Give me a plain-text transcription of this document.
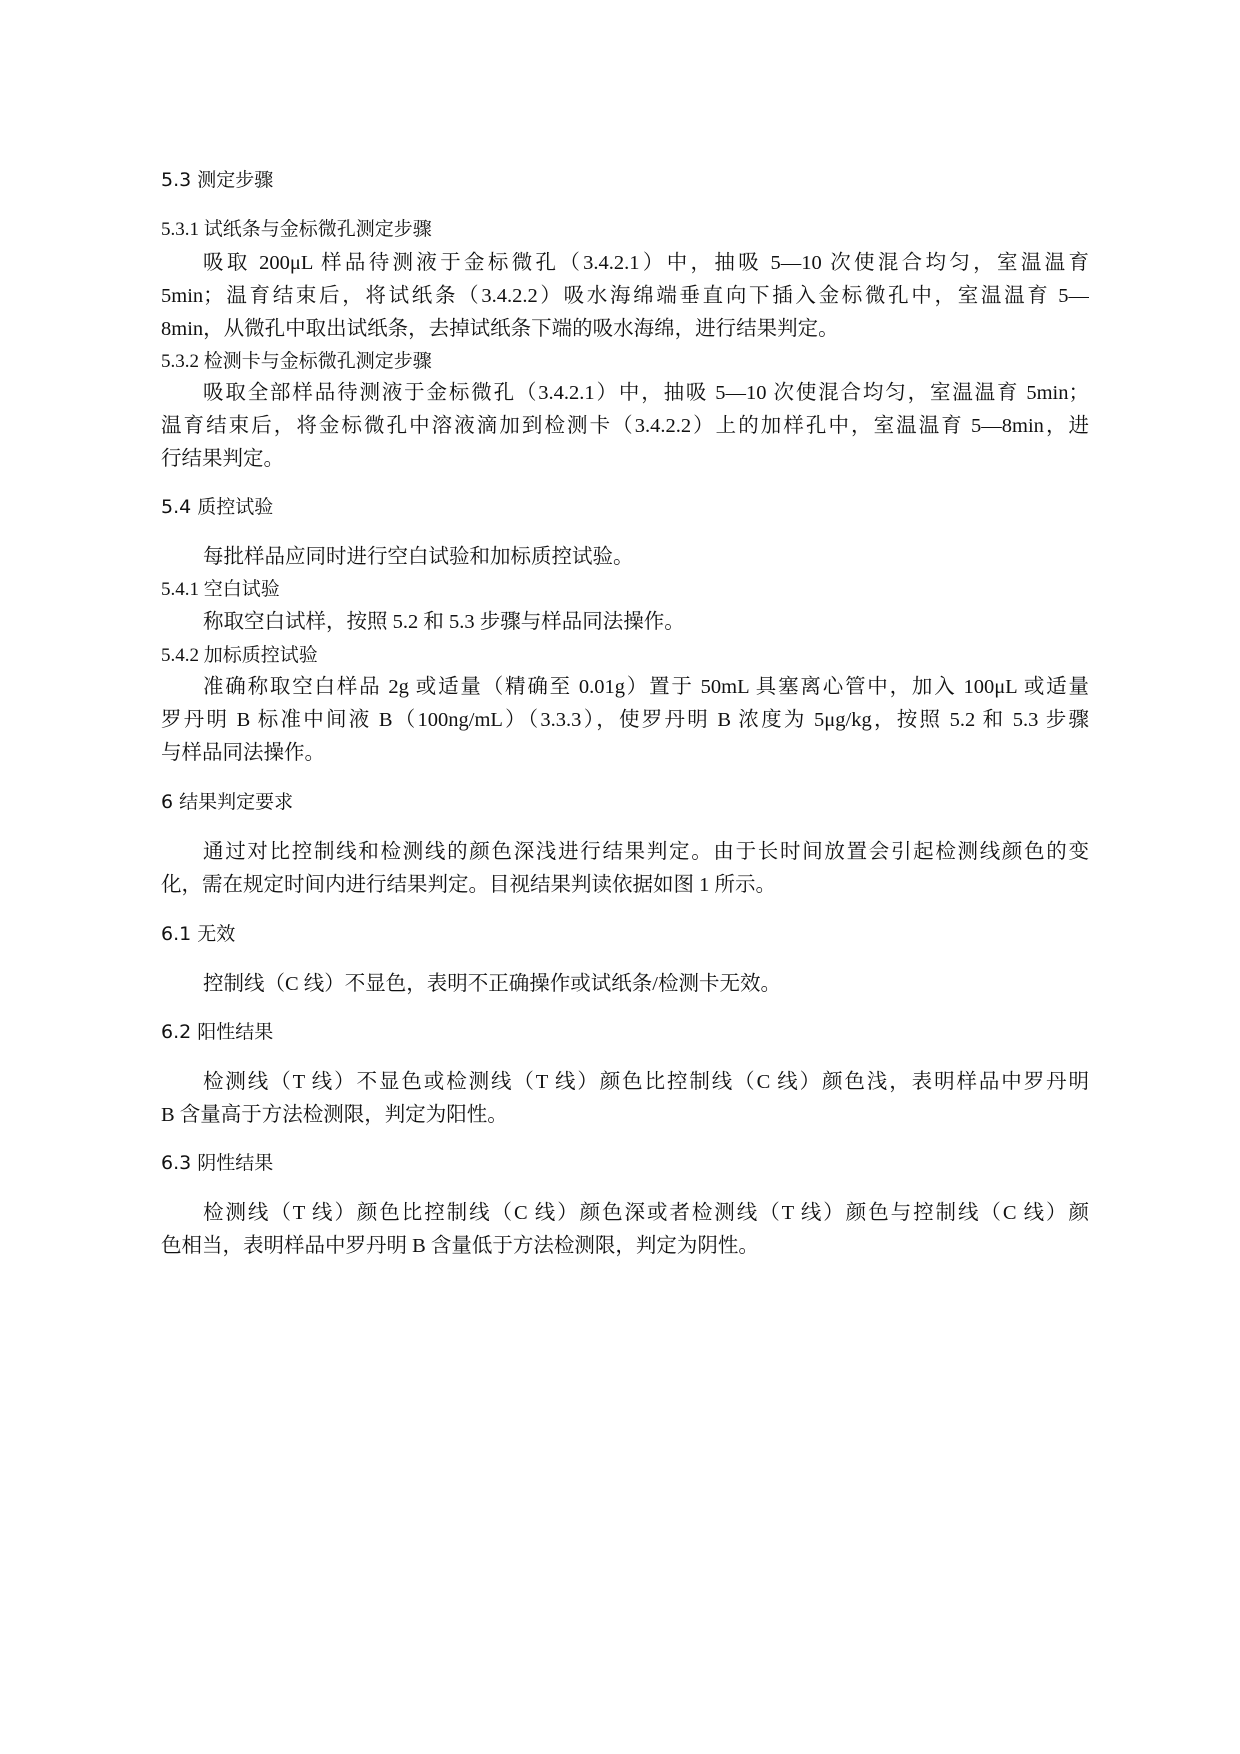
5.3 测定步骤
5.3.1 试纸条与金标微孔测定步骤
吸取 200μL 样品待测液于金标微孔（3.4.2.1）中，抽吸 5—10 次使混合均匀，室温温育
5min；温育结束后，将试纸条（3.4.2.2）吸水海绵端垂直向下插入金标微孔中，室温温育 5—
8min，从微孔中取出试纸条，去掉试纸条下端的吸水海绵，进行结果判定。
5.3.2 检测卡与金标微孔测定步骤
吸取全部样品待测液于金标微孔（3.4.2.1）中，抽吸 5—10 次使混合均匀，室温温育 5min；
温育结束后，将金标微孔中溶液滴加到检测卡（3.4.2.2）上的加样孔中，室温温育 5—8min，进
行结果判定。
5.4 质控试验
每批样品应同时进行空白试验和加标质控试验。
5.4.1 空白试验
称取空白试样，按照 5.2 和 5.3 步骤与样品同法操作。
5.4.2 加标质控试验
准确称取空白样品 2g 或适量（精确至 0.01g）置于 50mL 具塞离心管中，加入 100μL 或适量
罗丹明 B 标准中间液 B（100ng/mL）（3.3.3），使罗丹明 B 浓度为 5μg/kg，按照 5.2 和 5.3 步骤
与样品同法操作。
6 结果判定要求
通过对比控制线和检测线的颜色深浅进行结果判定。由于长时间放置会引起检测线颜色的变
化，需在规定时间内进行结果判定。目视结果判读依据如图 1 所示。
6.1 无效
控制线（C 线）不显色，表明不正确操作或试纸条/检测卡无效。
6.2 阳性结果
检测线（T 线）不显色或检测线（T 线）颜色比控制线（C 线）颜色浅，表明样品中罗丹明
B 含量高于方法检测限，判定为阳性。
6.3 阴性结果
检测线（T 线）颜色比控制线（C 线）颜色深或者检测线（T 线）颜色与控制线（C 线）颜
色相当，表明样品中罗丹明 B 含量低于方法检测限，判定为阴性。
